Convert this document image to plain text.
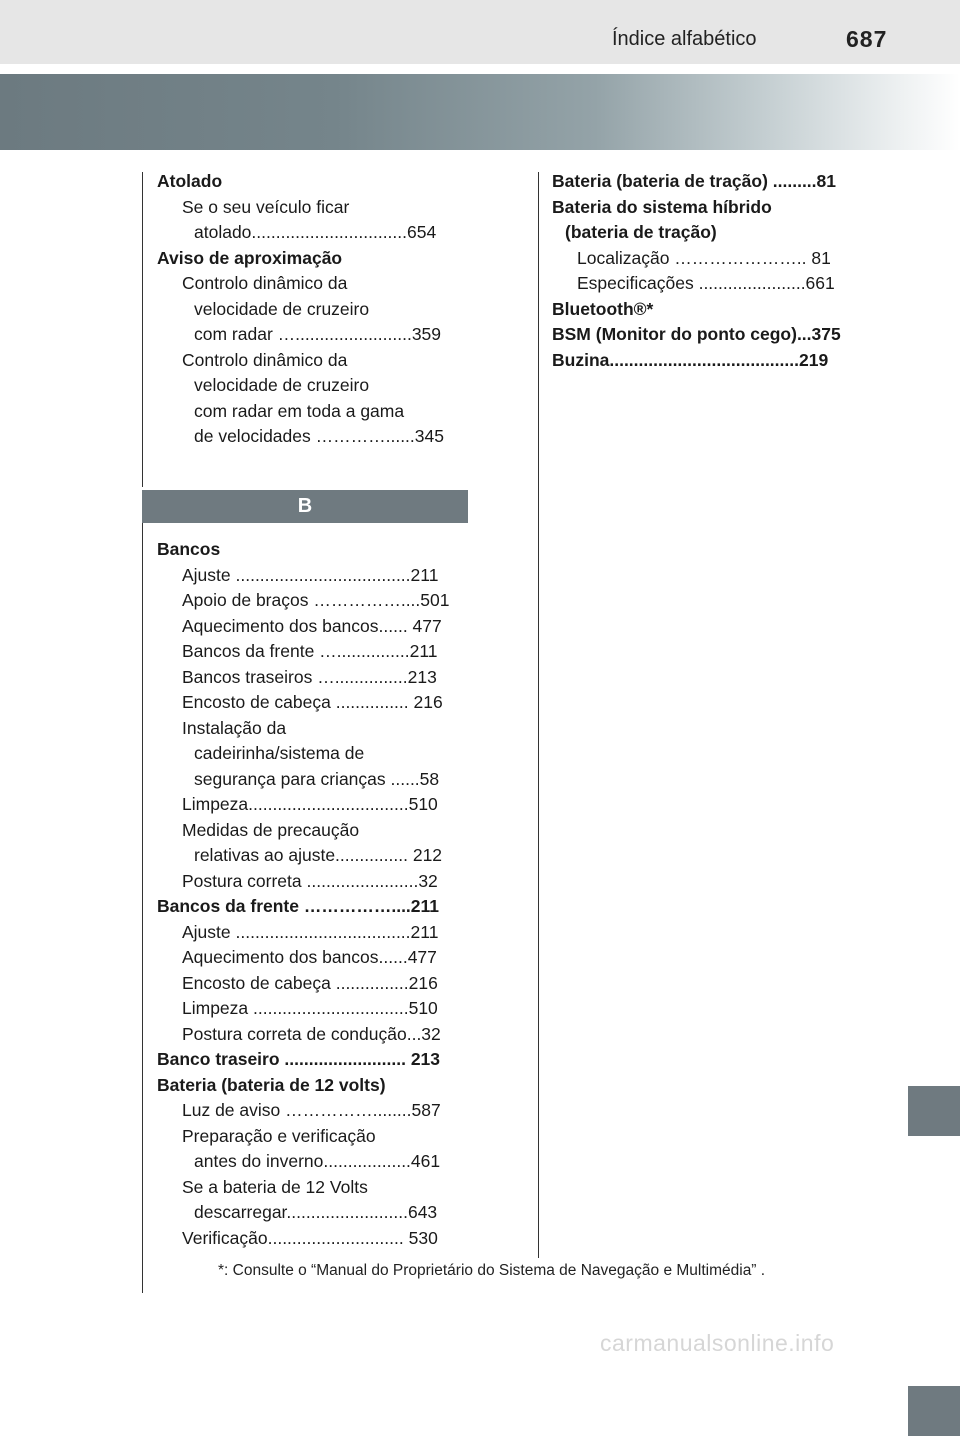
Índice alfabético	687

Atolado

Se o seu veículo ficar

atolado................................654

Aviso de aproximação

Controlo dinâmico da

velocidade de cruzeiro

com radar …........................359

Controlo dinâmico da

velocidade de cruzeiro

com radar em toda a gama

de velocidades …………......345

B

Bancos

Ajuste ....................................211

Apoio de braços ……………....501

Aquecimento dos bancos...... 477

Bancos da frente …...............211

Bancos traseiros …...............213

Encosto de cabeça ............... 216

Instalação da

cadeirinha/sistema de

segurança para crianças ......58

Limpeza.................................510

Medidas de precaução

relativas ao ajuste............... 212

Postura correta .......................32

Bancos da frente ……………....211

Ajuste ....................................211

Aquecimento dos bancos......477

Encosto de cabeça ...............216

Limpeza ................................510

Postura correta de condução...32

Banco traseiro ......................... 213

Bateria (bateria de 12 volts)

Luz de aviso ……………........587

Preparação e verificação

antes do inverno..................461

Se a bateria de 12 Volts

descarregar.........................643

Verificação............................ 530

Bateria (bateria de tração) .........81

Bateria do sistema híbrido

(bateria de tração)

Localização ………………….. 81

Especificações ......................661

Bluetooth®*

BSM (Monitor do ponto cego)...375

Buzina.......................................219

*: Consulte o “Manual do Proprietário do Sistema de Navegação e Multimédia” .
carmanualsonline.info
